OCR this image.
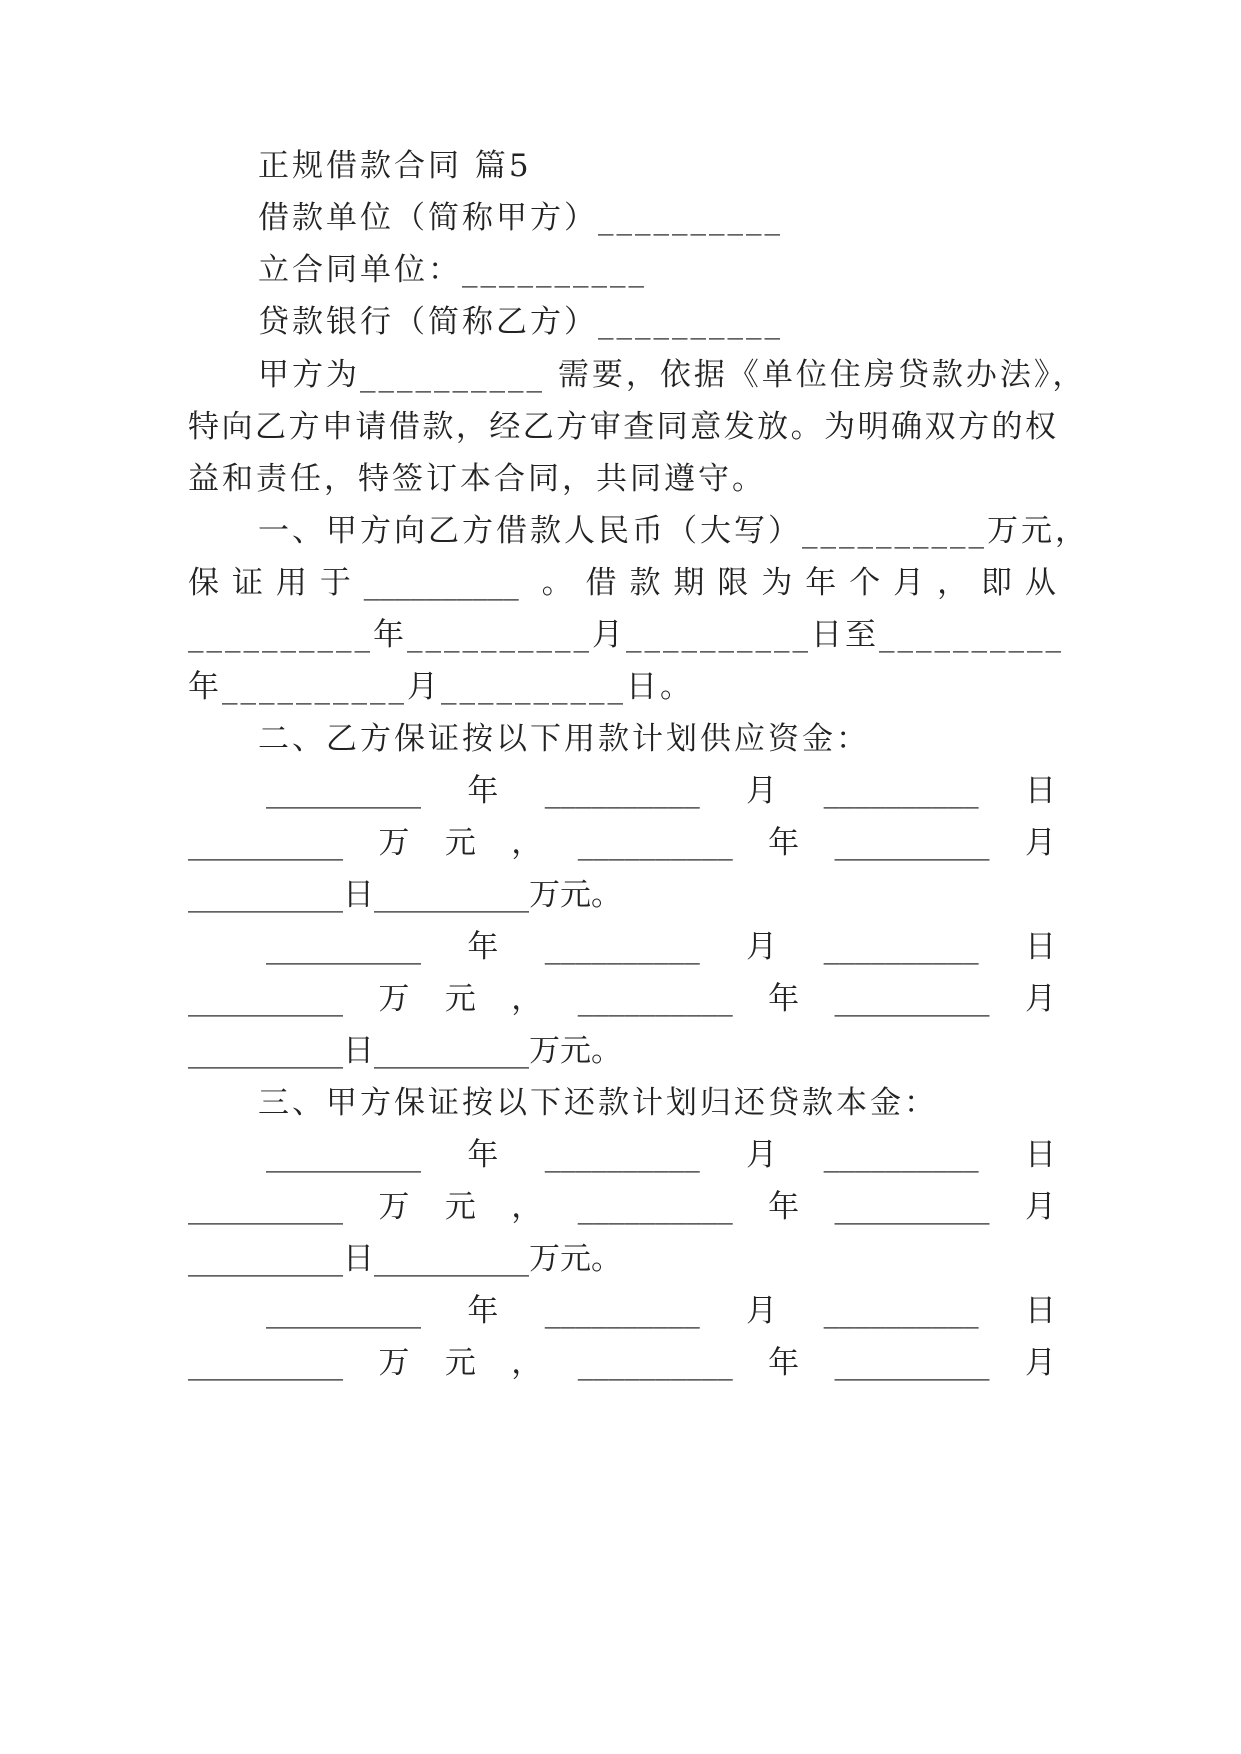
正规借款合同 篇5
借款单位（简称甲方）__________
立合同单位：__________
贷款银行（简称乙方）__________
甲方为__________ 需要，依据《单位住房贷款办法》，
特向乙方申请借款，经乙方审查同意发放。为明确双方的权
益和责任，特签订本合同，共同遵守。
一、甲方向乙方借款人民币（大写）__________万元，
保证用于__________ 。借款期限为年个月，即从
__________年__________月__________日至__________
年__________月__________日。
二、乙方保证按以下用款计划供应资金：
__________ 年 __________ 月 __________ 日
__________ 万 元 ， __________ 年 __________ 月
__________日__________万元。
__________ 年 __________ 月 __________ 日
__________ 万 元 ， __________ 年 __________ 月
__________日__________万元。
三、甲方保证按以下还款计划归还贷款本金：
__________ 年 __________ 月 __________ 日
__________ 万 元 ， __________ 年 __________ 月
__________日__________万元。
__________ 年 __________ 月 __________ 日
__________ 万 元 ， __________ 年 __________ 月
